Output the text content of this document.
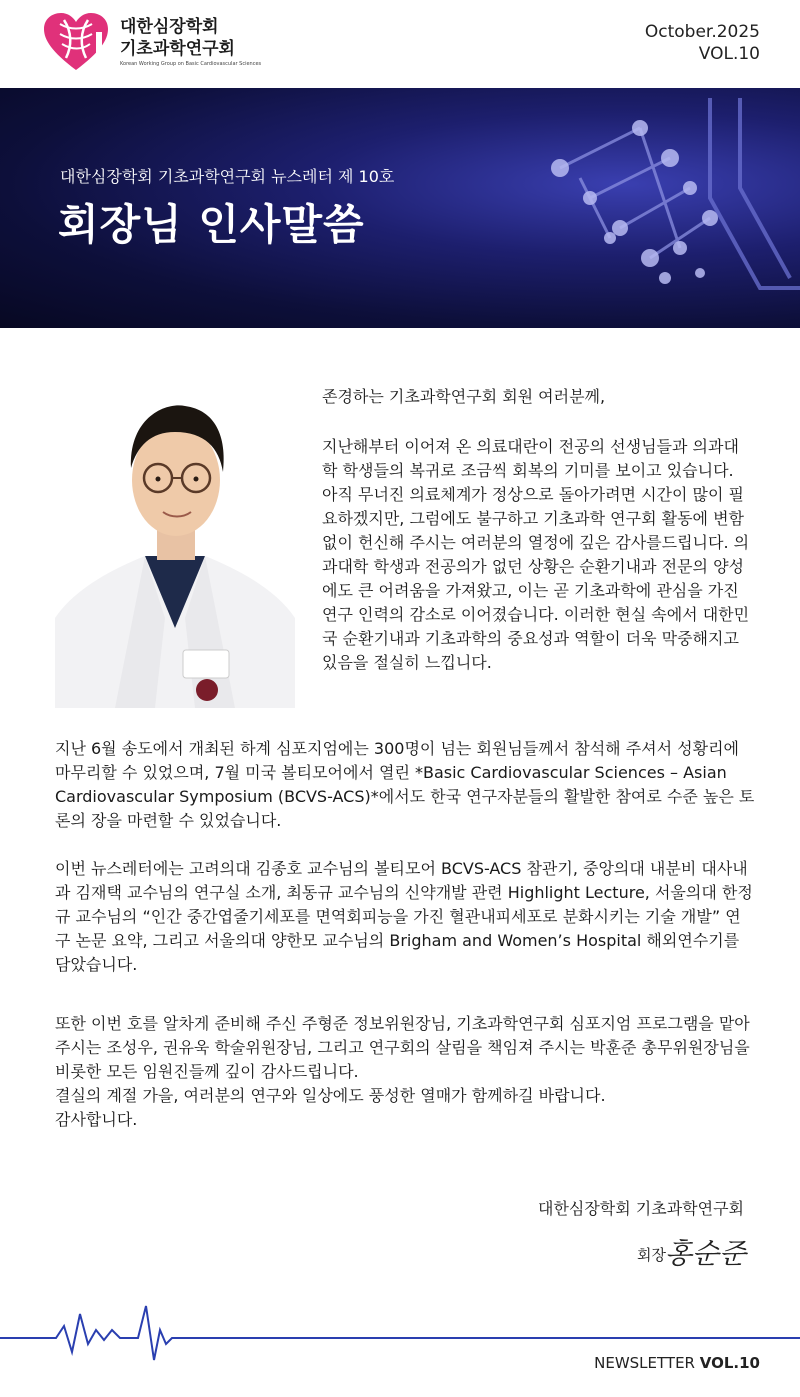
대한심장학회
기초과학연구회
Korean Working Group on Basic Cardiovascular Sciences
October.2025
VOL.10
대한심장학회 기초과학연구회 뉴스레터 제 10호
회장님 인사말씀
존경하는 기초과학연구회 회원 여러분께,
지난해부터 이어져 온 의료대란이 전공의 선생님들과 의과대학 학생들의 복귀로 조금씩 회복의 기미를 보이고 있습니다. 아직 무너진 의료체계가 정상으로 돌아가려면 시간이 많이 필요하겠지만, 그럼에도 불구하고 기초과학 연구회 활동에 변함없이 헌신해 주시는 여러분의 열정에 깊은 감사를드립니다. 의과대학 학생과 전공의가 없던 상황은 순환기내과 전문의 양성에도 큰 어려움을 가져왔고, 이는 곧 기초과학에 관심을 가진 연구 인력의 감소로 이어졌습니다. 이러한 현실 속에서 대한민국 순환기내과 기초과학의 중요성과 역할이 더욱 막중해지고 있음을 절실히 느낍니다.
지난 6월 송도에서 개최된 하계 심포지엄에는 300명이 넘는 회원님들께서 참석해 주셔서 성황리에 마무리할 수 있었으며, 7월 미국 볼티모어에서 열린 *Basic Cardiovascular Sciences – Asian Cardiovascular Symposium (BCVS-ACS)*에서도 한국 연구자분들의 활발한 참여로 수준 높은 토론의 장을 마련할 수 있었습니다.
이번 뉴스레터에는 고려의대 김종호 교수님의 볼티모어 BCVS-ACS 참관기, 중앙의대 내분비 대사내과 김재택 교수님의 연구실 소개, 최동규 교수님의 신약개발 관련 Highlight Lecture, 서울의대 한정규 교수님의 “인간 중간엽줄기세포를 면역회피능을 가진 혈관내피세포로 분화시키는 기술 개발” 연구 논문 요약, 그리고 서울의대 양한모 교수님의 Brigham and Women’s Hospital 해외연수기를 담았습니다.

또한 이번 호를 알차게 준비해 주신 주형준 정보위원장님, 기초과학연구회 심포지엄 프로그램을 맡아 주시는 조성우, 권유욱 학술위원장님, 그리고 연구회의 살림을 책임져 주시는 박훈준 총무위원장님을 비롯한 모든 임원진들께 깊이 감사드립니다.

결실의 계절 가을, 여러분의 연구와 일상에도 풍성한 열매가 함께하길 바랍니다.

감사합니다.

대한심장학회 기초과학연구회
회장
홍순준
NEWSLETTER VOL.10
